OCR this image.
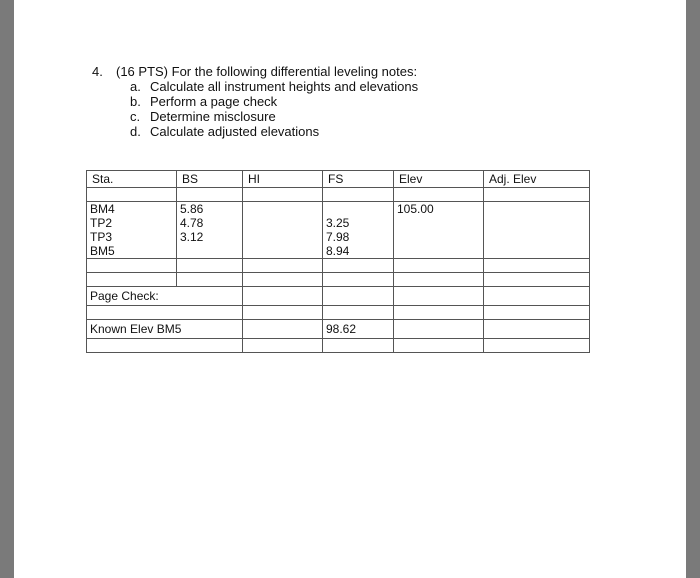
4. (16 PTS) For the following differential leveling notes:
a. Calculate all instrument heights and elevations
b. Perform a page check
c. Determine misclosure
d. Calculate adjusted elevations
Sta.	BS	HI	FS	Elev	Adj. Elev

BM4	5.86			105.00	
TP2	4.78		3.25		
TP3	3.12		7.98		
BM5			8.94		

Page Check:					

Known Elev BM5			98.62		
